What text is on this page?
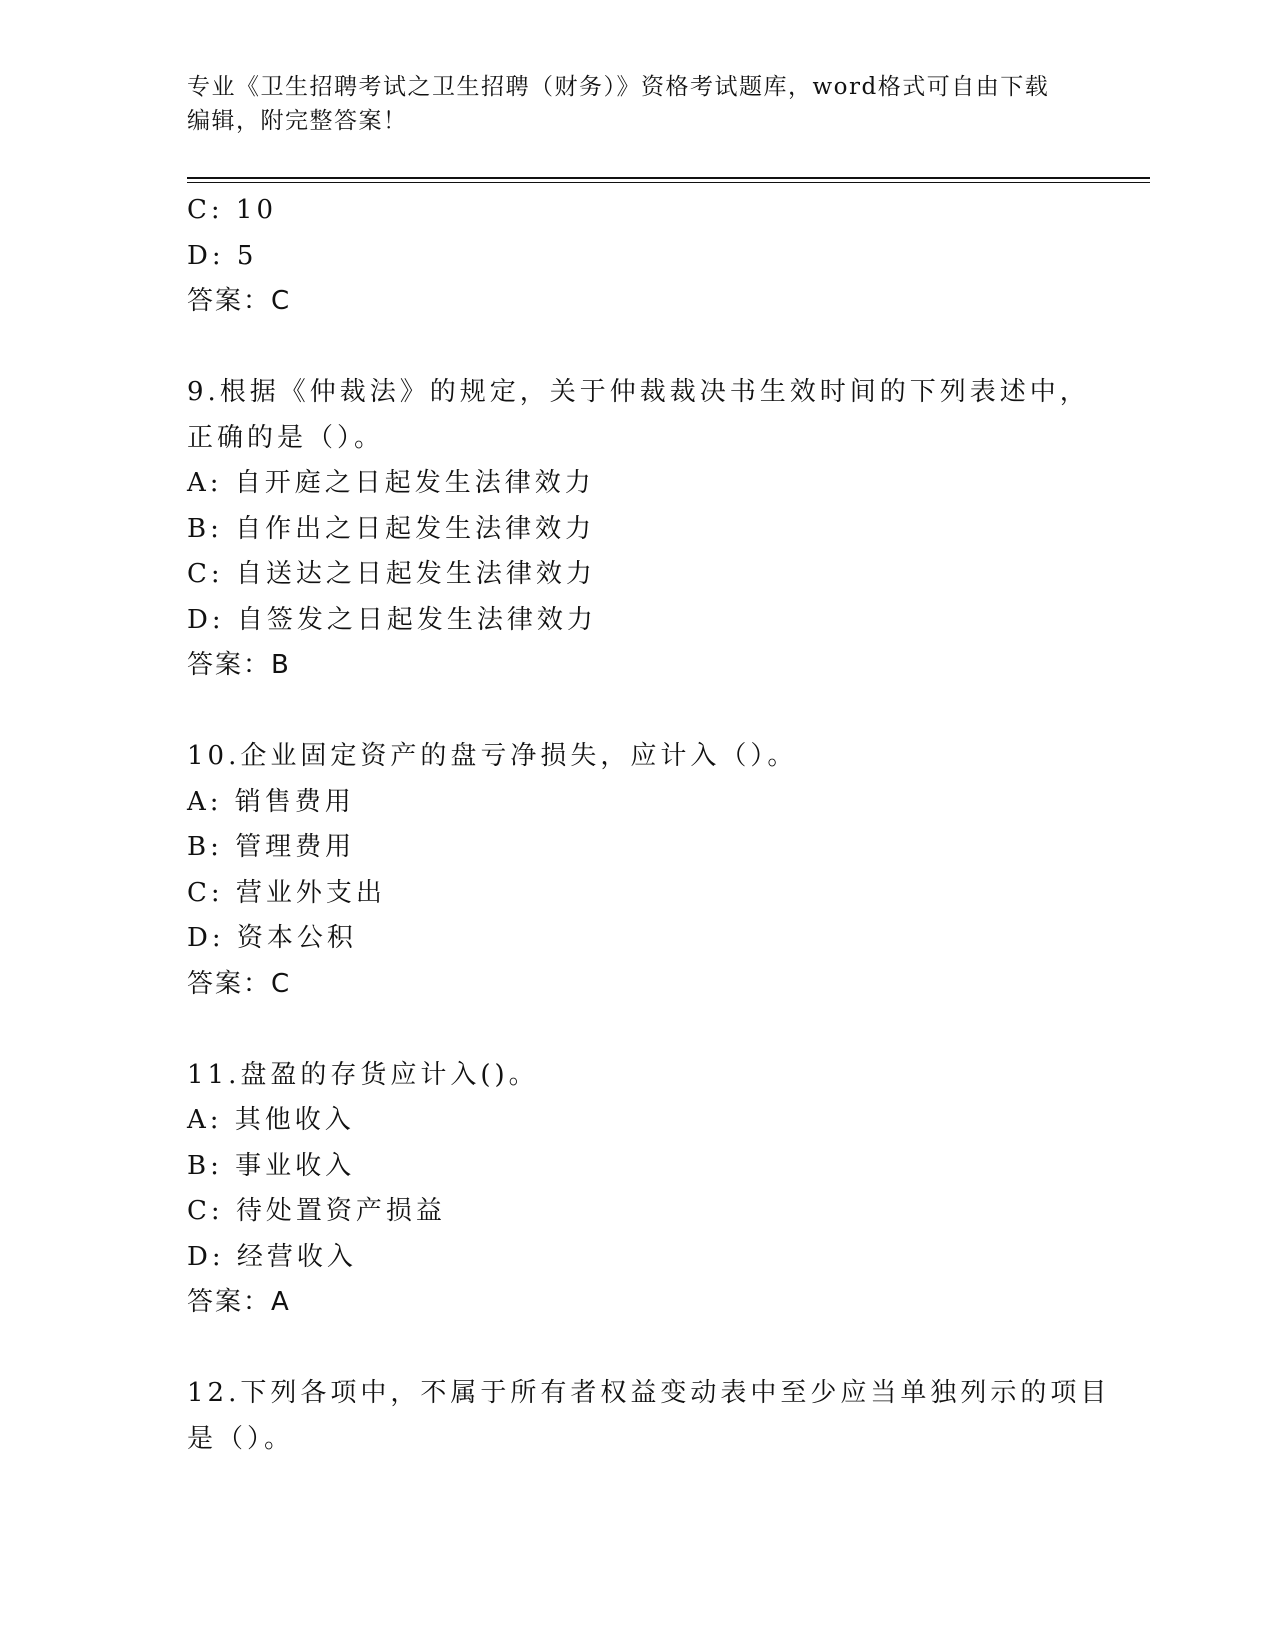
专业《卫生招聘考试之卫生招聘（财务）》资格考试题库，word格式可自由下载
编辑，附完整答案！
C: 10
D: 5
答案：C
9.根据《仲裁法》的规定，关于仲裁裁决书生效时间的下列表述中，
正确的是（）。
A: 自开庭之日起发生法律效力
B: 自作出之日起发生法律效力
C: 自送达之日起发生法律效力
D: 自签发之日起发生法律效力
答案：B
10.企业固定资产的盘亏净损失，应计入（）。
A: 销售费用
B: 管理费用
C: 营业外支出
D: 资本公积
答案：C
11.盘盈的存货应计入()。
A: 其他收入
B: 事业收入
C: 待处置资产损益
D: 经营收入
答案：A
12.下列各项中，不属于所有者权益变动表中至少应当单独列示的项目
是（）。
